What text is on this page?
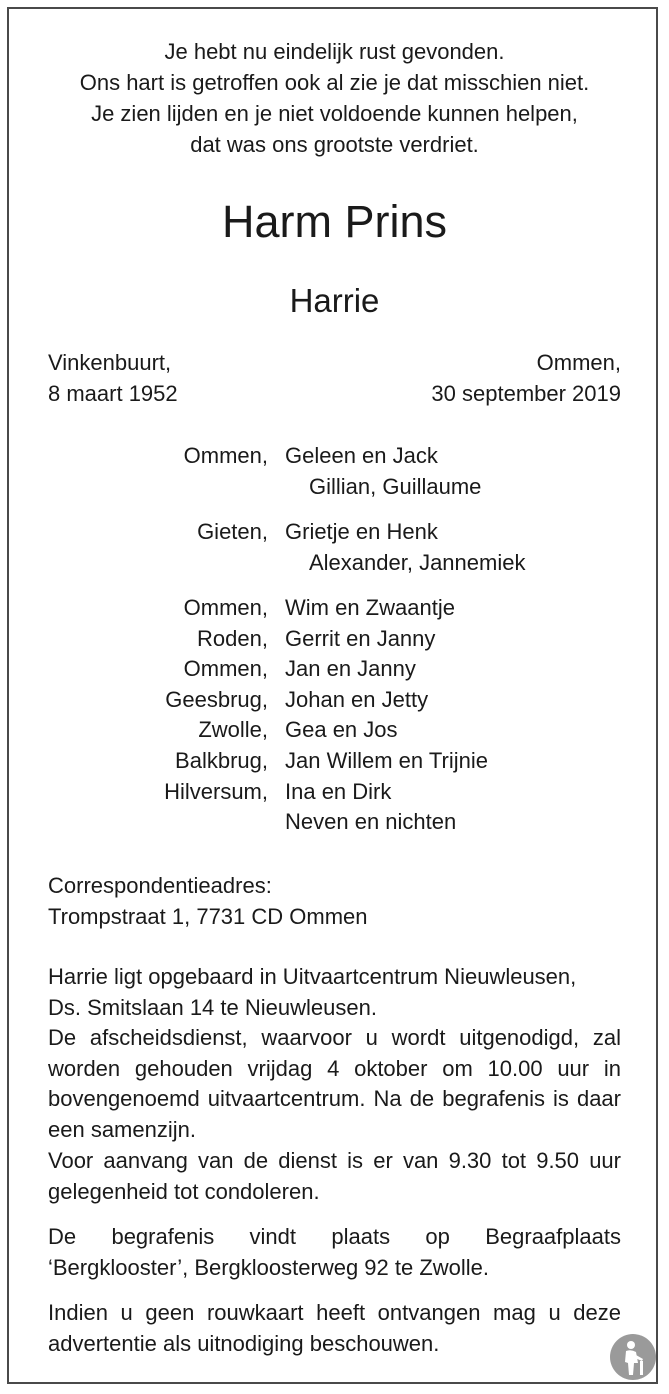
Je hebt nu eindelijk rust gevonden.
Ons hart is getroffen ook al zie je dat misschien niet.
Je zien lijden en je niet voldoende kunnen helpen,
dat was ons grootste verdriet.
Harm Prins
Harrie
Vinkenbuurt,
8 maart 1952
Ommen,
30 september 2019
Ommen, Geleen en Jack
Gillian, Guillaume
Gieten, Grietje en Henk
Alexander, Jannemiek
Ommen, Wim en Zwaantje
Roden, Gerrit en Janny
Ommen, Jan en Janny
Geesbrug, Johan en Jetty
Zwolle, Gea en Jos
Balkbrug, Jan Willem en Trijnie
Hilversum, Ina en Dirk
Neven en nichten
Correspondentieadres:
Trompstraat 1, 7731 CD Ommen
Harrie ligt opgebaard in Uitvaartcentrum Nieuwleusen,
Ds. Smitslaan 14 te Nieuwleusen.
De afscheidsdienst, waarvoor u wordt uitgenodigd, zal worden gehouden vrijdag 4 oktober om 10.00 uur in bovengenoemd uitvaartcentrum. Na de begrafenis is daar een samenzijn.
Voor aanvang van de dienst is er van 9.30 tot 9.50 uur gelegenheid tot condoleren.
De begrafenis vindt plaats op Begraafplaats ‘Bergklooster’, Bergkloosterweg 92 te Zwolle.
Indien u geen rouwkaart heeft ontvangen mag u deze advertentie als uitnodiging beschouwen.
